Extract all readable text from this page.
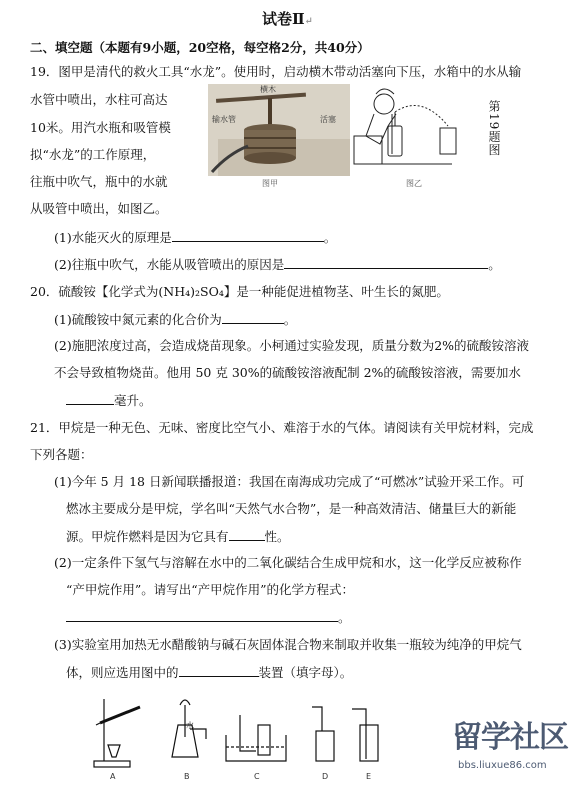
试卷Ⅱ↵
二、填空题（本题有9小题，20空格，每空格2分，共40分）
19．图甲是清代的救火工具“水龙”。使用时，启动横木带动活塞向下压，水箱中的水从输
水管中喷出，水柱可高达
10米。用汽水瓶和吸管模
拟“水龙”的工作原理，
往瓶中吹气，瓶中的水就
从吸管中喷出，如图乙。
横木
输水管	活塞
图甲	图乙
第19题图
(1)水能灭火的原理是	。
(2)往瓶中吹气，水能从吸管喷出的原因是	。
20．硫酸铵【化学式为(NH₄)₂SO₄】是一种能促进植物茎、叶生长的氮肥。
(1)硫酸铵中氮元素的化合价为	。
(2)施肥浓度过高，会造成烧苗现象。小柯通过实验发现，质量分数为2%的硫酸铵溶液
不会导致植物烧苗。他用 50 克 30%的硫酸铵溶液配制 2%的硫酸铵溶液，需要加水
毫升。
21．甲烷是一种无色、无味、密度比空气小、难溶于水的气体。请阅读有关甲烷材料，完成
下列各题：
(1)今年 5 月 18 日新闻联播报道：我国在南海成功完成了“可燃冰”试验开采工作。可
燃冰主要成分是甲烷，学名叫“天然气水合物”，是一种高效清洁、储量巨大的新能
源。甲烷作燃料是因为它具有	性。
(2)一定条件下氢气与溶解在水中的二氧化碳结合生成甲烷和水，这一化学反应被称作
“产甲烷作用”。请写出“产甲烷作用”的化学方程式：
。
(3)实验室用加热无水醋酸钠与碱石灰固体混合物来制取并收集一瓶较为纯净的甲烷气
体，则应选用图中的	装置（填字母）。
水
A	B	C	D	E
留学社区
bbs.liuxue86.com
